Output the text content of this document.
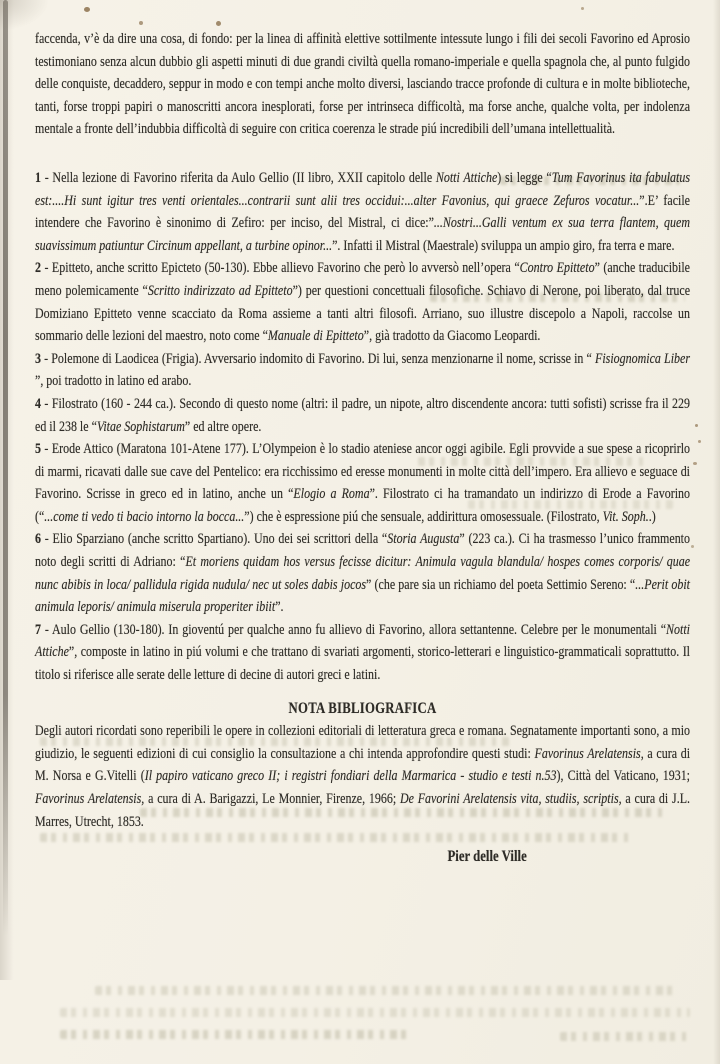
faccenda, v’è da dire una cosa, di fondo: per la linea di affinità elettive sottilmente intessute lungo i fili dei secoli Favorino ed Aprosio testimoniano senza alcun dubbio gli aspetti minuti di due grandi civiltà quella romano-imperiale e quella spagnola che, al punto fulgido delle conquiste, decaddero, seppur in modo e con tempi anche molto diversi, lasciando tracce profonde di cultura e in molte biblioteche, tanti, forse troppi papiri o manoscritti ancora inesplorati, forse per intrinseca difficoltà, ma forse anche, qualche volta, per indolenza mentale a fronte dell’indubbia difficoltà di seguire con critica coerenza le strade piú incredibili dell’umana intellettualità.

1 - Nella lezione di Favorino riferita da Aulo Gellio (II libro, XXII capitolo delle Notti Attiche) si legge “Tum Favorinus ita fabulatus est:....Hi sunt igitur tres venti orientales...contrarii sunt alii tres occidui:...alter Favonius, qui graece Zefuros vocatur...”.E’ facile intendere che Favorino è sinonimo di Zefiro: per inciso, del Mistral, ci dice:”...Nostri...Galli ventum ex sua terra flantem, quem suavissimum patiuntur Circinum appellant, a turbine opinor...”. Infatti il Mistral (Maestrale) sviluppa un ampio giro, fra terra e mare.

2 - Epitteto, anche scritto Epicteto (50-130). Ebbe allievo Favorino che però lo avversò nell’opera “Contro Epitteto” (anche traducibile meno polemicamente “Scritto indirizzato ad Epitteto”) per questioni concettuali filosofiche. Schiavo di Nerone, poi liberato, dal truce Domiziano Epitteto venne scacciato da Roma assieme a tanti altri filosofi. Arriano, suo illustre discepolo a Napoli, raccolse un sommario delle lezioni del maestro, noto come “Manuale di Epitteto”, già tradotto da Giacomo Leopardi.

3 - Polemone di Laodicea (Frigia). Avversario indomito di Favorino. Di lui, senza menzionarne il nome, scrisse in “ Fisiognomica Liber ”, poi tradotto in latino ed arabo.

4 - Filostrato (160 - 244 ca.). Secondo di questo nome (altri: il padre, un nipote, altro discendente ancora: tutti sofisti) scrisse fra il 229 ed il 238 le “Vitae Sophistarum” ed altre opere.

5 - Erode Attico (Maratona 101-Atene 177). L’Olympeion è lo stadio ateniese ancor oggi agibile. Egli provvide a sue spese a ricoprirlo di marmi, ricavati dalle sue cave del Pentelico: era ricchissimo ed eresse monumenti in molte città dell’impero. Era allievo e seguace di Favorino. Scrisse in greco ed in latino, anche un “Elogio a Roma”. Filostrato ci ha tramandato un indirizzo di Erode a Favorino (“...come ti vedo ti bacio intorno la bocca...”) che è espressione piú che sensuale, addirittura omosessuale. (Filostrato, Vit. Soph..)

6 - Elio Sparziano (anche scritto Spartiano). Uno dei sei scrittori della “Storia Augusta” (223 ca.). Ci ha trasmesso l’unico frammento noto degli scritti di Adriano: “Et moriens quidam hos versus fecisse dicitur: Animula vagula blandula/ hospes comes corporis/ quae nunc abibis in loca/ pallidula rigida nudula/ nec ut soles dabis jocos” (che pare sia un richiamo del poeta Settimio Sereno: “...Perit obit animula leporis/ animula miserula properiter ibiit”.

7 - Aulo Gellio (130-180). In gioventú per qualche anno fu allievo di Favorino, allora settantenne. Celebre per le monumentali “Notti Attiche”, composte in latino in piú volumi e che trattano di svariati argomenti, storico-letterari e linguistico-grammaticali soprattutto. Il titolo si riferisce alle serate delle letture di decine di autori greci e latini.

NOTA BIBLIOGRAFICA

Degli autori ricordati sono reperibili le opere in collezioni editoriali di letteratura greca e romana. Segnatamente importanti sono, a mio giudizio, le seguenti edizioni di cui consiglio la consultazione a chi intenda approfondire questi studi: Favorinus Arelatensis, a cura di M. Norsa e G.Vitelli (Il papiro vaticano greco II; i registri fondiari della Marmarica - studio e testi n.53), Città del Vaticano, 1931; Favorinus Arelatensis, a cura di A. Barigazzi, Le Monnier, Firenze, 1966; De Favorini Arelatensis vita, studiis, scriptis, a cura di J.L. Marres, Utrecht, 1853.

Pier delle Ville
